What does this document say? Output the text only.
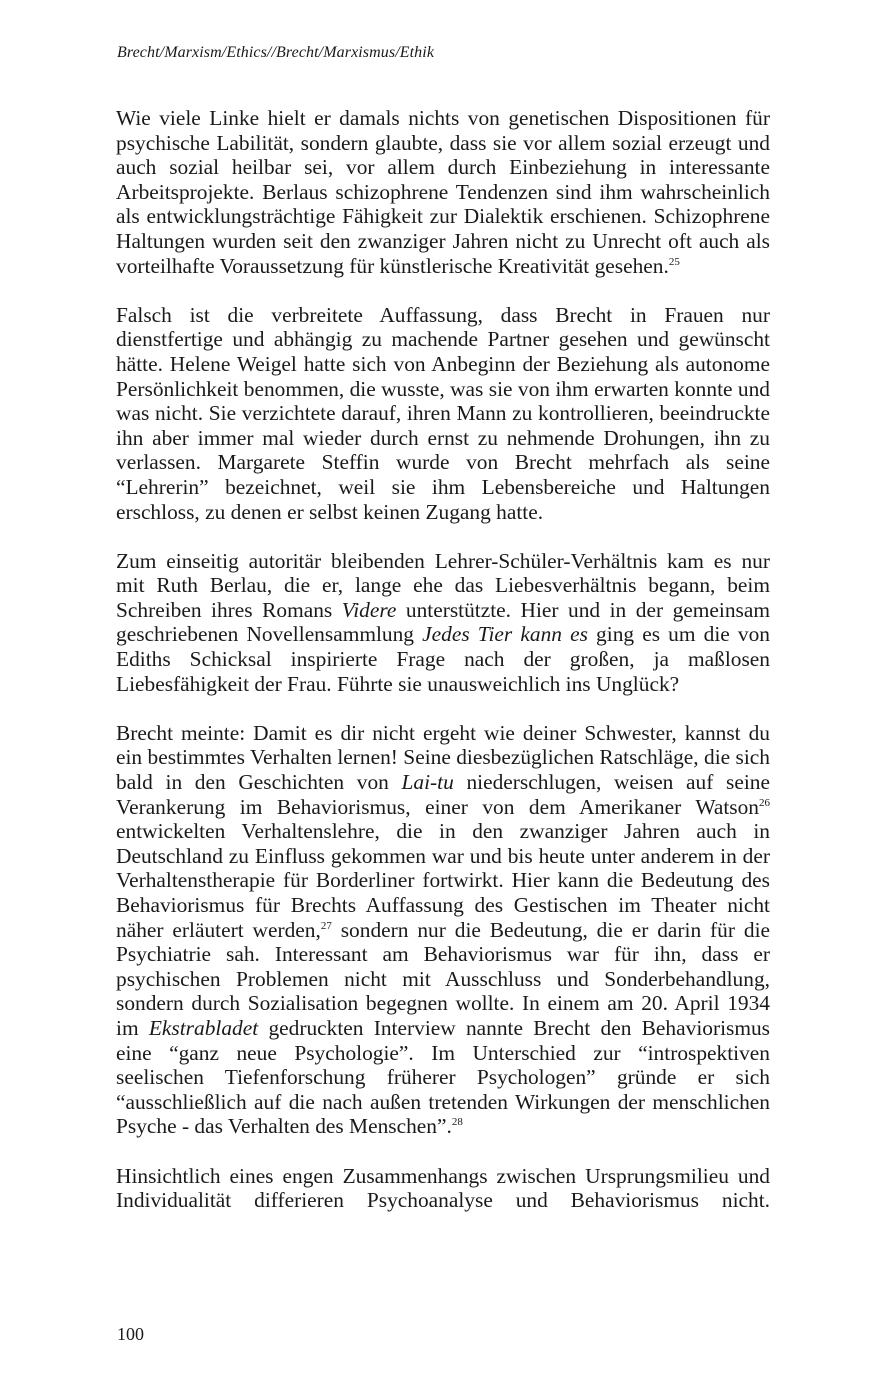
Brecht/Marxism/Ethics//Brecht/Marxismus/Ethik

Wie viele Linke hielt er damals nichts von genetischen Dispositionen für psychische Labilität, sondern glaubte, dass sie vor allem sozial erzeugt und auch sozial heilbar sei, vor allem durch Einbeziehung in interessante Arbeitsprojekte. Berlaus schizophrene Tendenzen sind ihm wahrscheinlich als entwicklungsträchtige Fähigkeit zur Dialektik erschienen. Schizophrene Haltungen wurden seit den zwanziger Jahren nicht zu Unrecht oft auch als vorteilhafte Voraussetzung für künstlerische Kreativität gesehen.$^{25}$

Falsch ist die verbreitete Auffassung, dass Brecht in Frauen nur dienstfertige und abhängig zu machende Partner gesehen und gewünscht hätte. Helene Weigel hatte sich von Anbeginn der Beziehung als autonome Persönlichkeit benommen, die wusste, was sie von ihm erwarten konnte und was nicht. Sie verzichtete darauf, ihren Mann zu kontrollieren, beeindruckte ihn aber immer mal wieder durch ernst zu nehmende Drohungen, ihn zu verlassen. Margarete Steffin wurde von Brecht mehrfach als seine “Lehrerin” bezeichnet, weil sie ihm Lebensbereiche und Haltungen erschloss, zu denen er selbst keinen Zugang hatte.

Zum einseitig autoritär bleibenden Lehrer-Schüler-Verhältnis kam es nur mit Ruth Berlau, die er, lange ehe das Liebesverhältnis begann, beim Schreiben ihres Romans Videre unterstützte. Hier und in der gemeinsam geschriebenen Novellensammlung Jedes Tier kann es ging es um die von Ediths Schicksal inspirierte Frage nach der großen, ja maßlosen Liebesfähigkeit der Frau. Führte sie unausweichlich ins Unglück?

Brecht meinte: Damit es dir nicht ergeht wie deiner Schwester, kannst du ein bestimmtes Verhalten lernen! Seine diesbezüglichen Ratschläge, die sich bald in den Geschichten von Lai-tu niederschlugen, weisen auf seine Verankerung im Behaviorismus, einer von dem Amerikaner Watson$^{26}$ entwickelten Verhaltenslehre, die in den zwanziger Jahren auch in Deutschland zu Einfluss gekommen war und bis heute unter anderem in der Verhaltenstherapie für Borderliner fortwirkt. Hier kann die Bedeutung des Behaviorismus für Brechts Auffassung des Gestischen im Theater nicht näher erläutert werden,$^{27}$ sondern nur die Bedeutung, die er darin für die Psychiatrie sah. Interessant am Behaviorismus war für ihn, dass er psychischen Problemen nicht mit Ausschluss und Sonderbehandlung, sondern durch Sozialisation begegnen wollte. In einem am 20. April 1934 im Ekstrabladet gedruckten Interview nannte Brecht den Behaviorismus eine “ganz neue Psychologie”. Im Unterschied zur “introspektiven seelischen Tiefenforschung früherer Psychologen” gründe er sich “ausschließlich auf die nach außen tretenden Wirkungen der menschlichen Psyche - das Verhalten des Menschen”.$^{28}$

Hinsichtlich eines engen Zusammenhangs zwischen Ursprungsmilieu und Individualität differieren Psychoanalyse und Behaviorismus nicht.

100
